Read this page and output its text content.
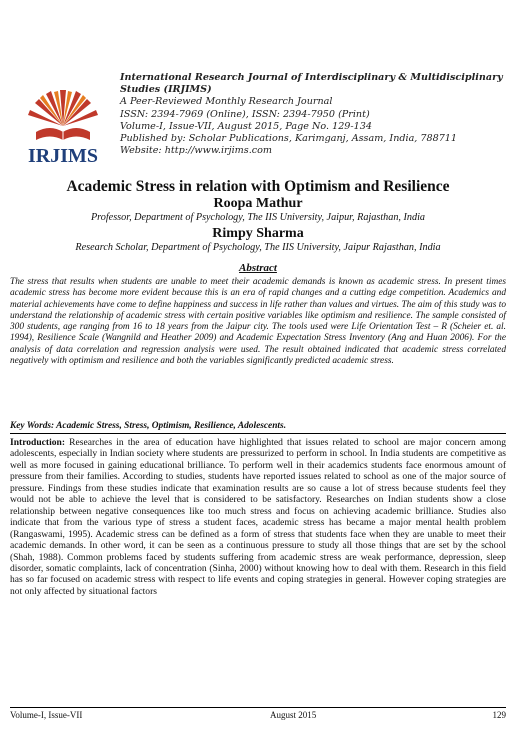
IRJIMS
International Research Journal of Interdisciplinary & Multidisciplinary Studies (IRJIMS)
A Peer-Reviewed Monthly Research Journal
ISSN: 2394-7969 (Online), ISSN: 2394-7950 (Print)
Volume-I, Issue-VII, August 2015, Page No. 129-134
Published by: Scholar Publications, Karimganj, Assam, India, 788711
Website: http://www.irjims.com
Academic Stress in relation with Optimism and Resilience
Roopa Mathur
Professor, Department of Psychology, The IIS University, Jaipur, Rajasthan, India
Rimpy Sharma
Research Scholar, Department of Psychology, The IIS University, Jaipur Rajasthan, India
Abstract
The stress that results when students are unable to meet their academic demands is known as academic stress. In present times academic stress has become more evident because this is an era of rapid changes and a cutting edge competition. Academics and material achievements have come to define happiness and success in life rather than values and virtues. The aim of this study was to understand the relationship of academic stress with certain positive variables like optimism and resilience. The sample consisted of 300 students, age ranging from 16 to 18 years from the Jaipur city. The tools used were Life Orientation Test – R (Scheier et. al. 1994), Resilience Scale (Wangnild and Heather 2009) and Academic Expectation Stress Inventory (Ang and Huan 2006). For the analysis of data correlation and regression analysis were used. The result obtained indicated that academic stress correlated negatively with optimism and resilience and both the variables significantly predicted academic stress.
Key Words: Academic Stress, Stress, Optimism, Resilience, Adolescents.
Introduction: Researches in the area of education have highlighted that issues related to school are major concern among adolescents, especially in Indian society where students are pressurized to perform in school. In India students are competitive as well as more focused in gaining educational brilliance. To perform well in their academics students face enormous amount of pressure from their families. According to studies, students have reported issues related to school as one of the major source of pressure. Findings from these studies indicate that examination results are so cause a lot of stress because students feel they would not be able to achieve the level that is considered to be satisfactory. Researches on Indian students show a close relationship between negative consequences like too much stress and focus on achieving academic brilliance. Studies also indicate that from the various type of stress a student faces, academic stress has became a major mental health problem (Rangaswami, 1995). Academic stress can be defined as a form of stress that students face when they are unable to meet their academic demands. In other word, it can be seen as a continuous pressure to study all those things that are set by the school (Shah, 1988). Common problems faced by students suffering from academic stress are weak performance, depression, sleep disorder, somatic complaints, lack of concentration (Sinha, 2000) without knowing how to deal with them. Research in this field has so far focused on academic stress with respect to life events and coping strategies in general. However coping strategies are not only affected by situational factors
Volume-I, Issue-VII	August 2015	129
